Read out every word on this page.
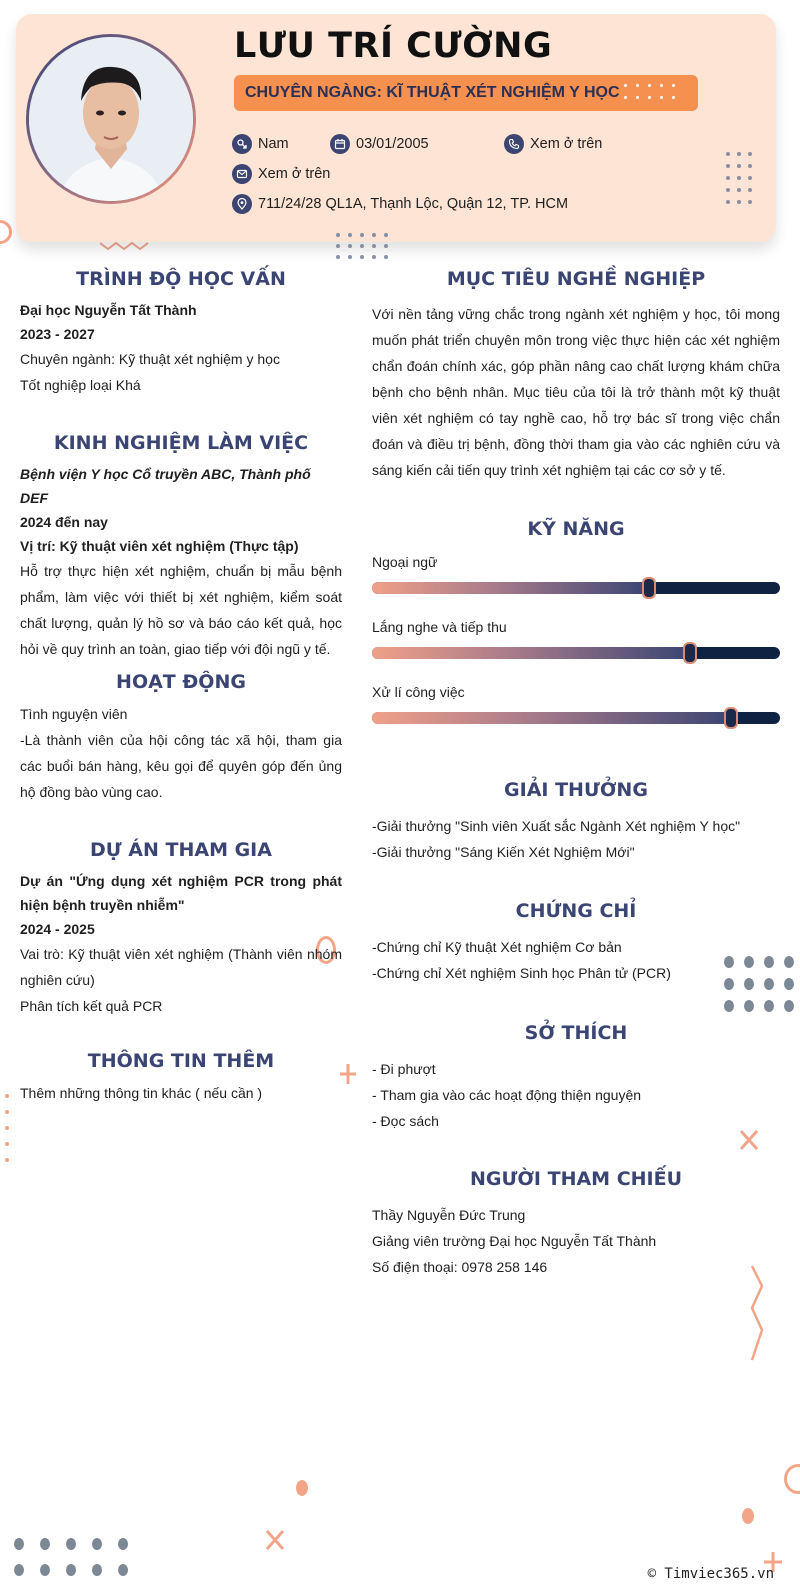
LƯU TRÍ CƯỜNG
CHUYÊN NGÀNG: KĨ THUẬT XÉT NGHIỆM Y HỌC
Nam	03/01/2005	Xem ở trên
Xem ở trên
711/24/28 QL1A, Thạnh Lộc, Quận 12, TP. HCM
TRÌNH ĐỘ HỌC VẤN
Đại học Nguyễn Tất Thành
2023 - 2027
Chuyên ngành: Kỹ thuật xét nghiệm y học
Tốt nghiệp loại Khá
KINH NGHIỆM LÀM VIỆC
Bệnh viện Y học Cổ truyền ABC, Thành phố DEF
2024 đến nay
Vị trí: Kỹ thuật viên xét nghiệm (Thực tập)
Hỗ trợ thực hiện xét nghiệm, chuẩn bị mẫu bệnh phẩm, làm việc với thiết bị xét nghiệm, kiểm soát chất lượng, quản lý hồ sơ và báo cáo kết quả, học hỏi về quy trình an toàn, giao tiếp với đội ngũ y tế.
HOẠT ĐỘNG
Tình nguyện viên
-Là thành viên của hội công tác xã hội, tham gia các buổi bán hàng, kêu gọi để quyên góp đến ủng hộ đồng bào vùng cao.
DỰ ÁN THAM GIA
Dự án "Ứng dụng xét nghiệm PCR trong phát hiện bệnh truyền nhiễm"
2024 - 2025
Vai trò: Kỹ thuật viên xét nghiệm (Thành viên nhóm nghiên cứu)
Phân tích kết quả PCR
THÔNG TIN THÊM
Thêm những thông tin khác ( nếu cần )
MỤC TIÊU NGHỀ NGHIỆP
Với nền tảng vững chắc trong ngành xét nghiệm y học, tôi mong muốn phát triển chuyên môn trong việc thực hiện các xét nghiệm chẩn đoán chính xác, góp phần nâng cao chất lượng khám chữa bệnh cho bệnh nhân. Mục tiêu của tôi là trở thành một kỹ thuật viên xét nghiệm có tay nghề cao, hỗ trợ bác sĩ trong việc chẩn đoán và điều trị bệnh, đồng thời tham gia vào các nghiên cứu và sáng kiến cải tiến quy trình xét nghiệm tại các cơ sở y tế.
KỸ NĂNG
Ngoại ngữ
Lắng nghe và tiếp thu
Xử lí công việc
GIẢI THƯỞNG
-Giải thưởng "Sinh viên Xuất sắc Ngành Xét nghiệm Y học"
-Giải thưởng "Sáng Kiến Xét Nghiệm Mới"
CHỨNG CHỈ
-Chứng chỉ Kỹ thuật Xét nghiệm Cơ bản
-Chứng chỉ Xét nghiệm Sinh học Phân tử (PCR)
SỞ THÍCH
- Đi phượt
- Tham gia vào các hoạt động thiện nguyện
- Đọc sách
NGƯỜI THAM CHIẾU
Thầy Nguyễn Đức Trung
Giảng viên trường Đại học Nguyễn Tất Thành
Số điện thoại: 0978 258 146
© Timviec365.vn
